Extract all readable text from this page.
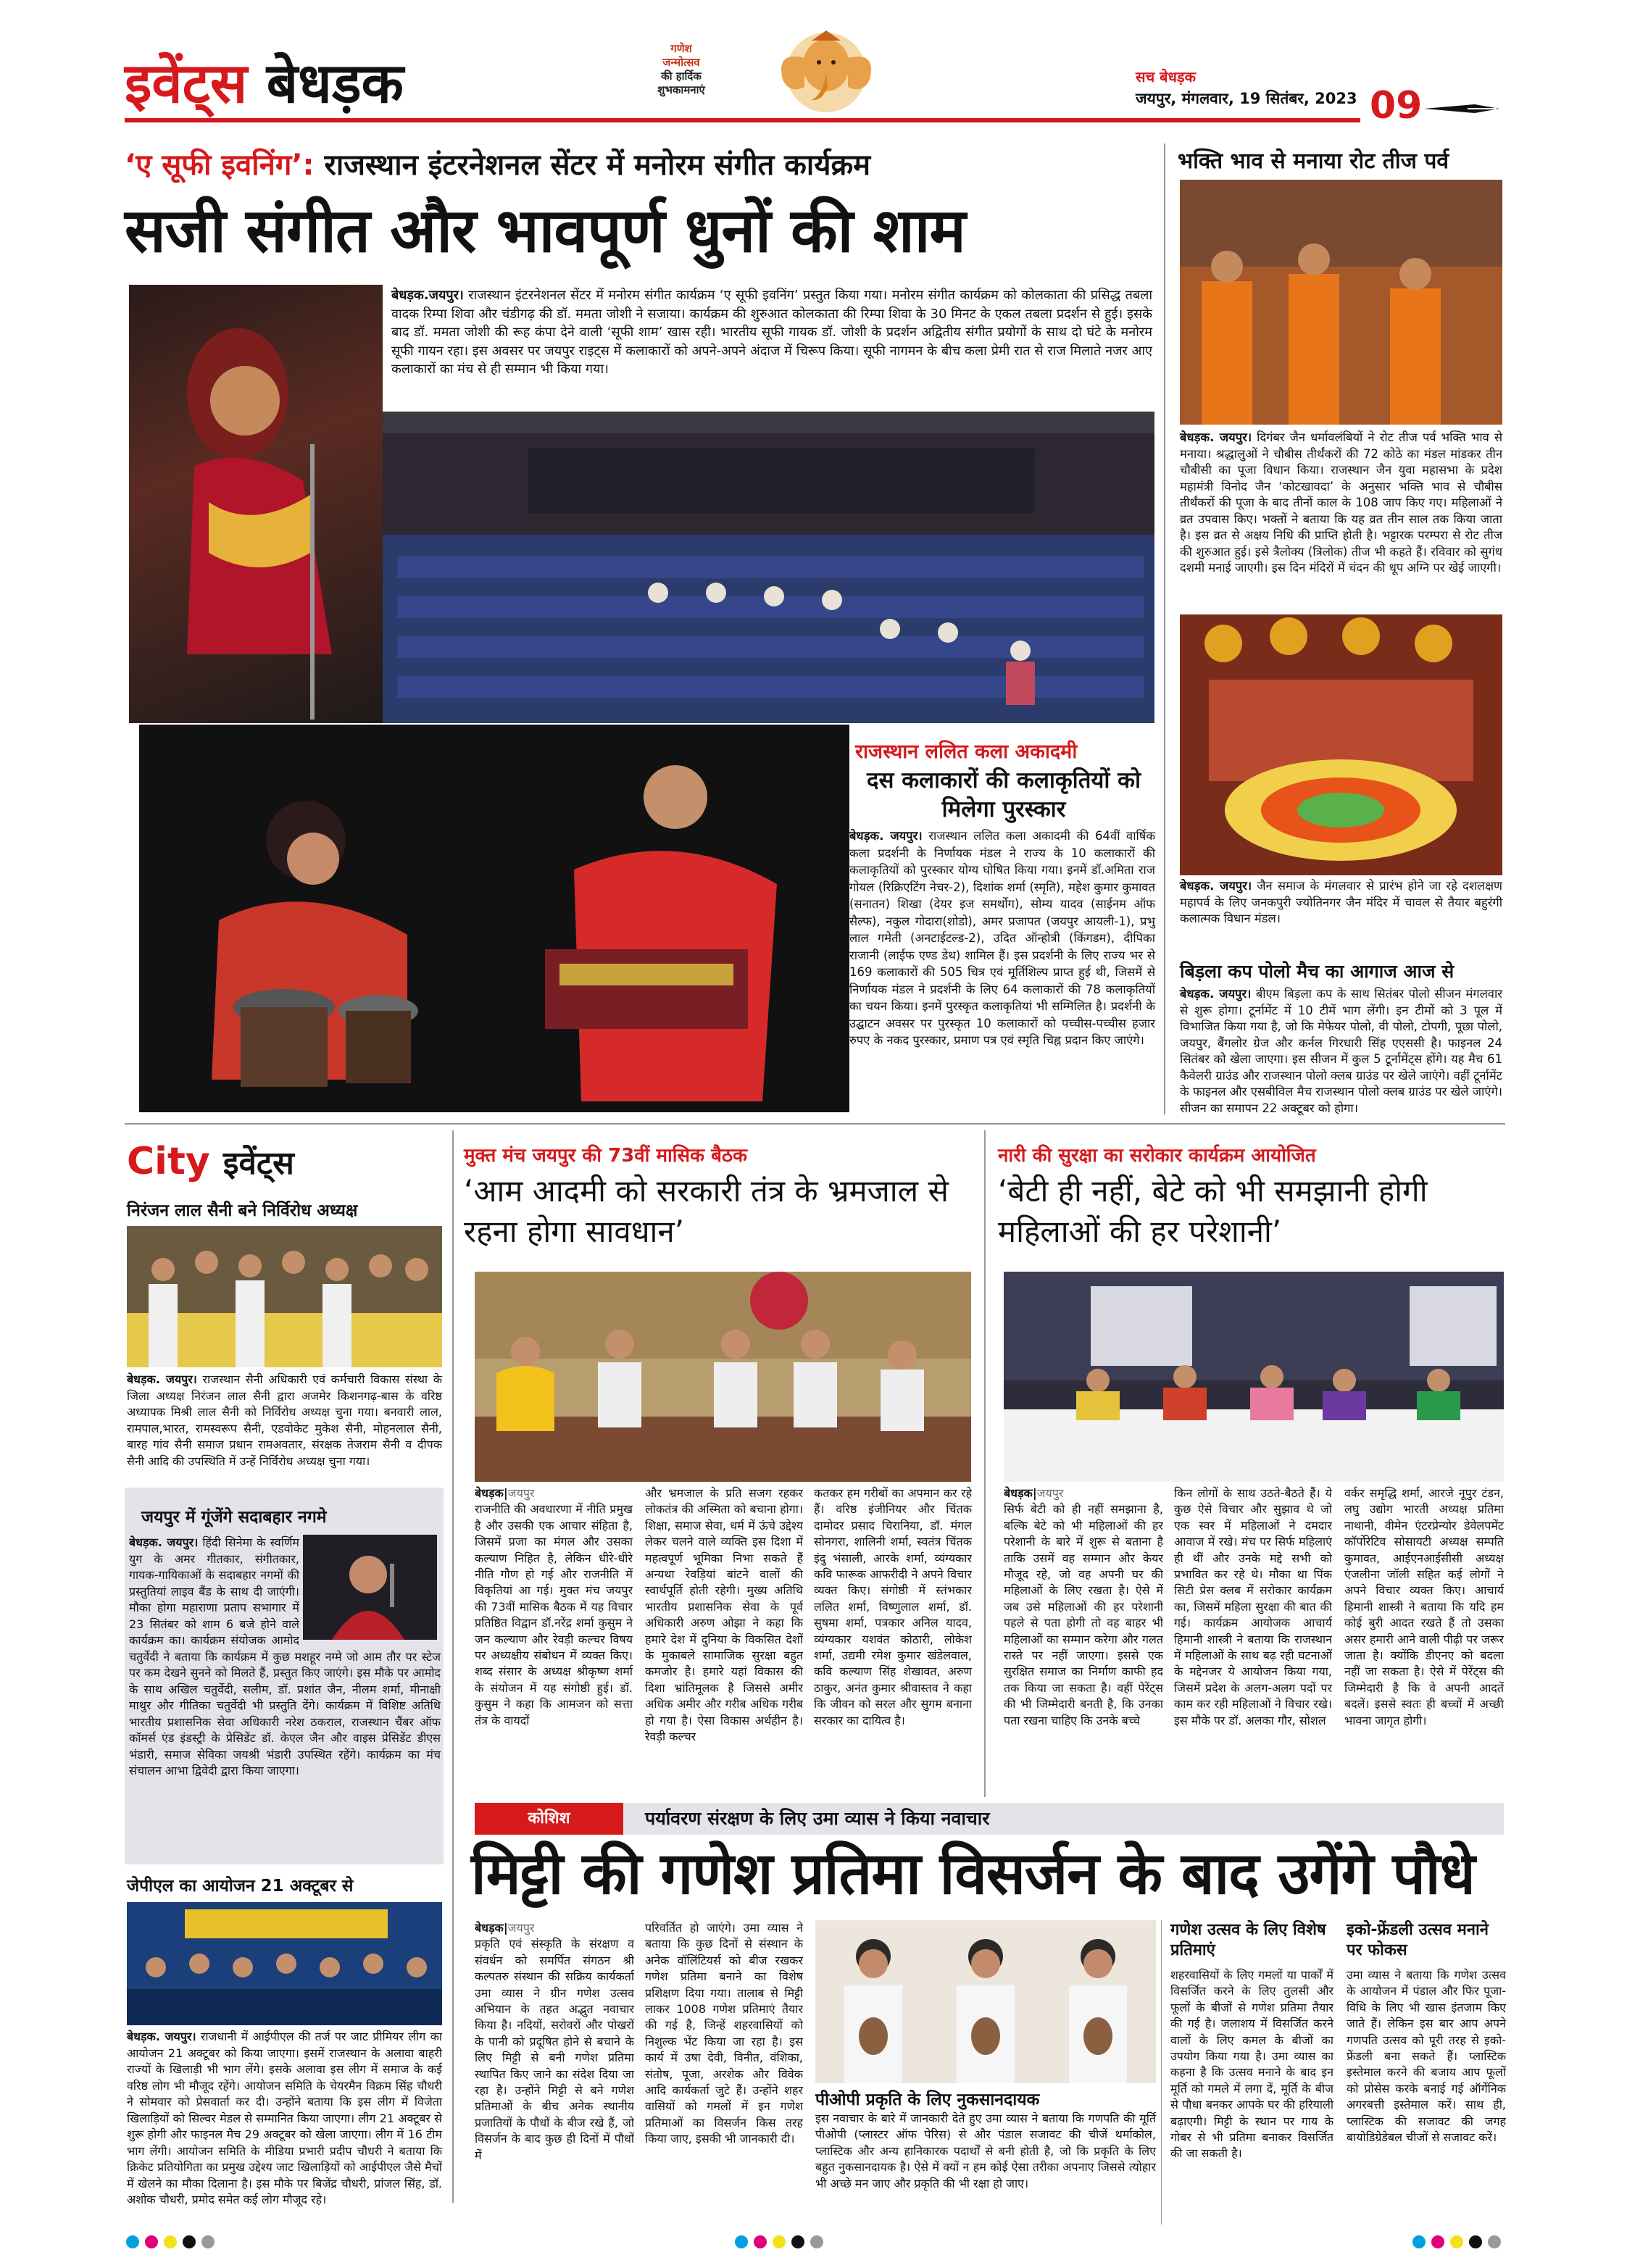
इवेंट्स बेधड़क
गणेश
जन्मोत्सव
की हार्दिक
शुभकामनाएं
सच बेधड़क
जयपुर, मंगलवार, 19 सितंबर, 2023 09
‘ए सूफी इवनिंग’: राजस्थान इंटरनेशनल सेंटर में मनोरम संगीत कार्यक्रम
सजी संगीत और भावपूर्ण धुनों की शाम
बेधड़क.जयपुर। राजस्थान इंटरनेशनल सेंटर में मनोरम संगीत कार्यक्रम ‘ए सूफी इवनिंग’ प्रस्तुत किया गया। मनोरम संगीत कार्यक्रम को कोलकाता की प्रसिद्ध तबला वादक रिम्पा शिवा और चंडीगढ़ की डॉ. ममता जोशी ने सजाया। कार्यक्रम की शुरुआत कोलकाता की रिम्पा शिवा के 30 मिनट के एकल तबला प्रदर्शन से हुई। इसके बाद डॉ. ममता जोशी की रूह कंपा देने वाली ‘सूफी शाम’ खास रही। भारतीय सूफी गायक डॉ. जोशी के प्रदर्शन अद्वितीय संगीत प्रयोगों के साथ दो घंटे के मनोरम सूफी गायन रहा। इस अवसर पर जयपुर राइट्स में कलाकारों को अपने-अपने अंदाज में चिरूप किया। सूफी नागमन के बीच कला प्रेमी रात से राज मिलाते नजर आए कलाकारों का मंच से ही सम्मान भी किया गया।
राजस्थान ललित कला अकादमी
दस कलाकारों की कलाकृतियों को मिलेगा पुरस्कार
बेधड़क. जयपुर। राजस्थान ललित कला अकादमी की 64वीं वार्षिक कला प्रदर्शनी के निर्णायक मंडल ने राज्य के 10 कलाकारों की कलाकृतियों को पुरस्कार योग्य घोषित किया गया। इनमें डॉ.अमिता राज गोयल (रिक्रिएटिंग नेचर-2), दिशांक शर्मा (स्मृति), महेश कुमार कुमावत (सनातन) शिखा (देयर इज समर्थोग), सोम्य यादव (साईनम ऑफ सैल्फ), नकुल गोदारा(शोडो), अमर प्रजापत (जयपुर आयली-1), प्रभु लाल गमेती (अनटाईटल्ड-2), उदित ऑन्होत्री (किंगडम), दीपिका राजानी (लाईफ एण्ड डेथ) शामिल हैं। इस प्रदर्शनी के लिए राज्य भर से 169 कलाकारों की 505 चित्र एवं मूर्तिशिल्प प्राप्त हुई थी, जिसमें से निर्णायक मंडल ने प्रदर्शनी के लिए 64 कलाकारों की 78 कलाकृतियों का चयन किया। इनमें पुरस्कृत कलाकृतियां भी सम्मिलित है। प्रदर्शनी के उद्घाटन अवसर पर पुरस्कृत 10 कलाकारों को पच्चीस-पच्चीस हजार रुपए के नकद पुरस्कार, प्रमाण पत्र एवं स्मृति चिह्न प्रदान किए जाएंगे।
भक्ति भाव से मनाया रोट तीज पर्व
बेधड़क. जयपुर। दिगंबर जैन धर्मावलंबियों ने रोट तीज पर्व भक्ति भाव से मनाया। श्रद्धालुओं ने चौबीस तीर्थंकरों की 72 कोठे का मंडल मांडकर तीन चौबीसी का पूजा विधान किया। राजस्थान जैन युवा महासभा के प्रदेश महामंत्री विनोद जैन ‘कोटखावदा’ के अनुसार भक्ति भाव से चौबीस तीर्थंकरों की पूजा के बाद तीनों काल के 108 जाप किए गए। महिलाओं ने व्रत उपवास किए। भक्तों ने बताया कि यह व्रत तीन साल तक किया जाता है। इस व्रत से अक्षय निधि की प्राप्ति होती है। भट्टारक परम्परा से रोट तीज की शुरुआत हुई। इसे त्रैलोक्य (त्रिलोक) तीज भी कहते हैं। रविवार को सुगंध दशमी मनाई जाएगी। इस दिन मंदिरों में चंदन की धूप अग्नि पर खेई जाएगी।
बेधड़क. जयपुर। जैन समाज के मंगलवार से प्रारंभ होने जा रहे दशलक्षण महापर्व के लिए जनकपुरी ज्योतिनगर जैन मंदिर में चावल से तैयार बहुरंगी कलात्मक विधान मंडल।
बिड़ला कप पोलो मैच का आगाज आज से
बेधड़क. जयपुर। बीएम बिड़ला कप के साथ सितंबर पोलो सीजन मंगलवार से शुरू होगा। टूर्नामेंट में 10 टीमें भाग लेंगी। इन टीमों को 3 पूल में विभाजित किया गया है, जो कि मेफेयर पोलो, वी पोलो, टोपगी, पूछा पोलो, जयपुर, बैंगलोर ग्रेज और कर्नल गिरधारी सिंह एएससी है। फाइनल 24 सितंबर को खेला जाएगा। इस सीजन में कुल 5 टूर्नामेंट्स होंगे। यह मैच 61 कैवेलरी ग्राउंड और राजस्थान पोलो क्लब ग्राउंड पर खेले जाएंगे। वहीं टूर्नामेंट के फाइनल और एसबीविल मैच राजस्थान पोलो क्लब ग्राउंड पर खेले जाएंगे। सीजन का समापन 22 अक्टूबर को होगा।
City इवेंट्स
निरंजन लाल सैनी बने निर्विरोध अध्यक्ष
बेधड़क. जयपुर। राजस्थान सैनी अधिकारी एवं कर्मचारी विकास संस्था के जिला अध्यक्ष निरंजन लाल सैनी द्वारा अजमेर किशनगढ़-बास के वरिष्ठ अध्यापक मिश्री लाल सैनी को निर्विरोध अध्यक्ष चुना गया। बनवारी लाल, रामपाल,भारत, रामस्वरूप सैनी, एडवोकेट मुकेश सैनी, मोहनलाल सैनी, बारह गांव सैनी समाज प्रधान रामअवतार, संरक्षक तेजराम सैनी व दीपक सैनी आदि की उपस्थिति में उन्हें निर्विरोध अध्यक्ष चुना गया।
जयपुर में गूंजेंगे सदाबहार नगमे
बेधड़क. जयपुर। हिंदी सिनेमा के स्वर्णिम युग के अमर गीतकार, संगीतकार, गायक-गायिकाओं के सदाबहार नगमों की प्रस्तुतियां लाइव बैंड के साथ दी जाएंगी। मौका होगा महाराणा प्रताप सभागार में 23 सितंबर को शाम 6 बजे होने वाले कार्यक्रम का। कार्यक्रम संयोजक आमोद चतुर्वेदी ने बताया कि कार्यक्रम में कुछ मशहूर नग्मे जो आम तौर पर स्टेज पर कम देखने सुनने को मिलते हैं, प्रस्तुत किए जाएंगे। इस मौके पर आमोद के साथ अखिल चतुर्वेदी, सलीम, डॉ. प्रशांत जैन, नीलम शर्मा, मीनाक्षी माथुर और गीतिका चतुर्वेदी भी प्रस्तुति देंगे। कार्यक्रम में विशिष्ट अतिथि भारतीय प्रशासनिक सेवा अधिकारी नरेश ठकराल, राजस्थान चैंबर ऑफ कॉमर्स एंड इंडस्ट्री के प्रेसिडेंट डॉ. केएल जैन और वाइस प्रेसिडेंट डीएस भंडारी, समाज सेविका जयश्री भंडारी उपस्थित रहेंगे। कार्यक्रम का मंच संचालन आभा द्विवेदी द्वारा किया जाएगा।
जेपीएल का आयोजन 21 अक्टूबर से
बेधड़क. जयपुर। राजधानी में आईपीएल की तर्ज पर जाट प्रीमियर लीग का आयोजन 21 अक्टूबर को किया जाएगा। इसमें राजस्थान के अलावा बाहरी राज्यों के खिलाड़ी भी भाग लेंगे। इसके अलावा इस लीग में समाज के कई वरिष्ठ लोग भी मौजूद रहेंगे। आयोजन समिति के चेयरमैन विक्रम सिंह चौधरी ने सोमवार को प्रेसवार्ता कर दी। उन्होंने बताया कि इस लीग में विजेता खिलाड़ियों को सिल्वर मेडल से सम्मानित किया जाएगा। लीग 21 अक्टूबर से शुरू होगी और फाइनल मैच 29 अक्टूबर को खेला जाएगा। लीग में 16 टीम भाग लेंगी। आयोजन समिति के मीडिया प्रभारी प्रदीप चौधरी ने बताया कि क्रिकेट प्रतियोगिता का प्रमुख उद्देश्य जाट खिलाड़ियों को आईपीएल जैसे मैचों में खेलने का मौका दिलाना है। इस मौके पर बिजेंद्र चौधरी, प्रांजल सिंह, डॉ. अशोक चौधरी, प्रमोद समेत कई लोग मौजूद रहे।
मुक्त मंच जयपुर की 73वीं मासिक बैठक
‘आम आदमी को सरकारी तंत्र के भ्रमजाल से रहना होगा सावधान’
बेधड़क|जयपुर
राजनीति की अवधारणा में नीति प्रमुख है और उसकी एक आचार संहिता है, जिसमें प्रजा का मंगल और उसका कल्याण निहित है, लेकिन धीरे-धीरे नीति गौण हो गई और राजनीति में विकृतियां आ गई। मुक्त मंच जयपुर की 73वीं मासिक बैठक में यह विचार प्रतिष्ठित विद्वान डॉ.नरेंद्र शर्मा कुसुम ने जन कल्याण और रेवड़ी कल्चर विषय पर अध्यक्षीय संबोधन में व्यक्त किए। शब्द संसार के अध्यक्ष श्रीकृष्ण शर्मा के संयोजन में यह संगोष्ठी हुई। डॉ. कुसुम ने कहा कि आमजन को सत्ता तंत्र के वायदों
और भ्रमजाल के प्रति सजग रहकर लोकतंत्र की अस्मिता को बचाना होगा। शिक्षा, समाज सेवा, धर्म में ऊंचे उद्देश्य लेकर चलने वाले व्यक्ति इस दिशा में महत्वपूर्ण भूमिका निभा सकते हैं अन्यथा रेवड़ियां बांटने वालों की स्वार्थपूर्ति होती रहेगी। मुख्य अतिथि भारतीय प्रशासनिक सेवा के पूर्व अधिकारी अरुण ओझा ने कहा कि हमारे देश में दुनिया के विकसित देशों के मुकाबले सामाजिक सुरक्षा बहुत कमजोर है। हमारे यहां विकास की दिशा भ्रांतिमूलक है जिससे अमीर अधिक अमीर और गरीब अधिक गरीब हो गया है। ऐसा विकास अर्थहीन है। रेवड़ी कल्चर
कतकर हम गरीबों का अपमान कर रहे हैं। वरिष्ठ इंजीनियर और चिंतक दामोदर प्रसाद चिरानिया, डॉ. मंगल सोनगरा, शालिनी शर्मा, स्वतंत्र चिंतक इंदु भंसाली, आरके शर्मा, व्यंग्यकार कवि फारूक आफरीदी ने अपने विचार व्यक्त किए। संगोष्ठी में स्तंभकार ललित शर्मा, विष्णुलाल शर्मा, डॉ. सुषमा शर्मा, पत्रकार अनिल यादव, व्यंग्यकार यशवंत कोठारी, लोकेश शर्मा, उद्यमी रमेश कुमार खंडेलवाल, कवि कल्याण सिंह शेखावत, अरुण ठाकुर, अनंत कुमार श्रीवास्तव ने कहा कि जीवन को सरल और सुगम बनाना सरकार का दायित्व है।
नारी की सुरक्षा का सरोकार कार्यक्रम आयोजित
‘बेटी ही नहीं, बेटे को भी समझानी होगी महिलाओं की हर परेशानी’
बेधड़क|जयपुर
सिर्फ बेटी को ही नहीं समझाना है, बल्कि बेटे को भी महिलाओं की हर परेशानी के बारे में शुरू से बताना है ताकि उसमें वह सम्मान और केयर मौजूद रहे, जो वह अपनी घर की महिलाओं के लिए रखता है। ऐसे में जब उसे महिलाओं की हर परेशानी पहले से पता होगी तो वह बाहर भी महिलाओं का सम्मान करेगा और गलत रास्ते पर नहीं जाएगा। इससे एक सुरक्षित समाज का निर्माण काफी हद तक किया जा सकता है। वहीं पेरेंट्स की भी जिम्मेदारी बनती है, कि उनका पता रखना चाहिए कि उनके बच्चे
किन लोगों के साथ उठते-बैठते हैं। ये कुछ ऐसे विचार और सुझाव थे जो एक स्वर में महिलाओं ने दमदार आवाज में रखे। मंच पर सिर्फ महिलाएं ही थीं और उनके मद्दे सभी को प्रभावित कर रहे थे। मौका था पिंक सिटी प्रेस क्लब में सरोकार कार्यक्रम का, जिसमें महिला सुरक्षा की बात की गई। कार्यक्रम आयोजक आचार्य हिमानी शास्त्री ने बताया कि राजस्थान में महिलाओं के साथ बढ़ रही घटनाओं के मद्देनजर ये आयोजन किया गया, जिसमें प्रदेश के अलग-अलग पदों पर काम कर रही महिलाओं ने विचार रखे। इस मौके पर डॉ. अलका गौर, सोशल
वर्कर समृद्धि शर्मा, आरजे नूपुर टंडन, लघु उद्योग भारती अध्यक्ष प्रतिमा नाथानी, वीमेन एंटरप्रेन्योर डेवेलपमेंट कॉर्पोरेटिव सोसायटी अध्यक्ष सम्पति कुमावत, आईएनआईसीसी अध्यक्ष एंजलीना जॉली सहित कई लोगों ने अपने विचार व्यक्त किए। आचार्य हिमानी शास्त्री ने बताया कि यदि हम कोई बुरी आदत रखते हैं तो उसका असर हमारी आने वाली पीढ़ी पर जरूर जाता है। क्योंकि डीएनए को बदला नहीं जा सकता है। ऐसे में पेरेंट्स की जिम्मेदारी है कि वे अपनी आदतें बदलें। इससे स्वतः ही बच्चों में अच्छी भावना जागृत होगी।
कोशिश	पर्यावरण संरक्षण के लिए उमा व्यास ने किया नवाचार
मिट्टी की गणेश प्रतिमा विसर्जन के बाद उगेंगे पौधे
बेधड़क|जयपुर
प्रकृति एवं संस्कृति के संरक्षण व संवर्धन को समर्पित संगठन श्री कल्पतरु संस्थान की सक्रिय कार्यकर्ता उमा व्यास ने ग्रीन गणेश उत्सव अभियान के तहत अद्भुत नवाचार किया है। नदियों, सरोवरों और पोखरों के पानी को प्रदूषित होने से बचाने के लिए मिट्टी से बनी गणेश प्रतिमा स्थापित किए जाने का संदेश दिया जा रहा है। उन्होंने मिट्टी से बने गणेश प्रतिमाओं के बीच अनेक स्थानीय प्रजातियों के पौधों के बीज रखे हैं, जो विसर्जन के बाद कुछ ही दिनों में पौधों में
परिवर्तित हो जाएंगे। उमा व्यास ने बताया कि कुछ दिनों से संस्थान के अनेक वॉलिंटियर्स को बीज रखकर गणेश प्रतिमा बनाने का विशेष प्रशिक्षण दिया गया। तालाब से मिट्टी लाकर 1008 गणेश प्रतिमाएं तैयार की गई है, जिन्हें शहरवासियों को निशुल्क भेंट किया जा रहा है। इस कार्य में उषा देवी, विनीत, वंशिका, संतोष, पूजा, अरशेक और विवेक आदि कार्यकर्ता जुटे हैं। उन्होंने शहर वासियों को गमलों में इन गणेश प्रतिमाओं का विसर्जन किस तरह किया जाए, इसकी भी जानकारी दी।
पीओपी प्रकृति के लिए नुकसानदायक
इस नवाचार के बारे में जानकारी देते हुए उमा व्यास ने बताया कि गणपति की मूर्ति पीओपी (प्लास्टर ऑफ पेरिस) से और पंडाल सजावट की चीजें थर्माकोल, प्लास्टिक और अन्य हानिकारक पदार्थों से बनी होती है, जो कि प्रकृति के लिए बहुत नुकसानदायक है। ऐसे में क्यों न हम कोई ऐसा तरीका अपनाए जिससे त्योहार भी अच्छे मन जाए और प्रकृति की भी रक्षा हो जाए।
गणेश उत्सव के लिए विशेष प्रतिमाएं
शहरवासियों के लिए गमलों या पार्कों में विसर्जित करने के लिए तुलसी और फूलों के बीजों से गणेश प्रतिमा तैयार की गई है। जलाशय में विसर्जित करने वालों के लिए कमल के बीजों का उपयोग किया गया है। उमा व्यास का कहना है कि उत्सव मनाने के बाद इन मूर्ति को गमले में लगा दें, मूर्ति के बीज से पौधा बनकर आपके घर की हरियाली बढ़ाएगी। मिट्टी के स्थान पर गाय के गोबर से भी प्रतिमा बनाकर विसर्जित की जा सकती है।
इको-फ्रेंडली उत्सव मनाने पर फोकस
उमा व्यास ने बताया कि गणेश उत्सव के आयोजन में पंडाल और फिर पूजा-विधि के लिए भी खास इंतजाम किए जाते हैं। लेकिन इस बार आप अपने गणपति उत्सव को पूरी तरह से इको-फ्रेंडली बना सकते हैं। प्लास्टिक इस्तेमाल करने की बजाय आप फूलों को प्रोसेस करके बनाई गई ऑर्गेनिक अगरबत्ती इस्तेमाल करें। साथ ही, प्लास्टिक की सजावट की जगह बायोडिग्रेडेबल चीजों से सजावट करें।
